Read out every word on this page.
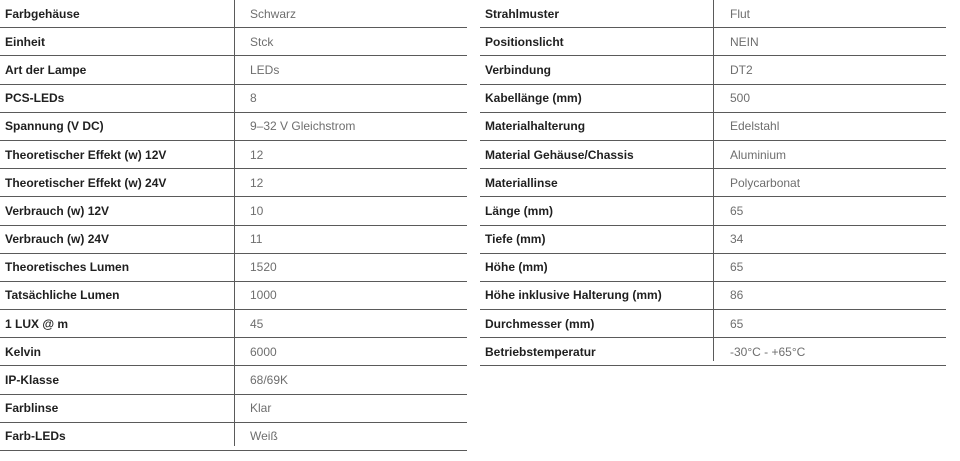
Farbgehäuse	Schwarz
Einheit	Stck
Art der Lampe	LEDs
PCS-LEDs	8
Spannung (V DC)	9–32 V Gleichstrom
Theoretischer Effekt (w) 12V	12
Theoretischer Effekt (w) 24V	12
Verbrauch (w) 12V	10
Verbrauch (w) 24V	11
Theoretisches Lumen	1520
Tatsächliche Lumen	1000
1 LUX @ m	45
Kelvin	6000
IP-Klasse	68/69K
Farblinse	Klar
Farb-LEDs	Weiß
Strahlmuster	Flut
Positionslicht	NEIN
Verbindung	DT2
Kabellänge (mm)	500
Materialhalterung	Edelstahl
Material Gehäuse/Chassis	Aluminium
Materiallinse	Polycarbonat
Länge (mm)	65
Tiefe (mm)	34
Höhe (mm)	65
Höhe inklusive Halterung (mm)	86
Durchmesser (mm)	65
Betriebstemperatur	-30°C - +65°C
